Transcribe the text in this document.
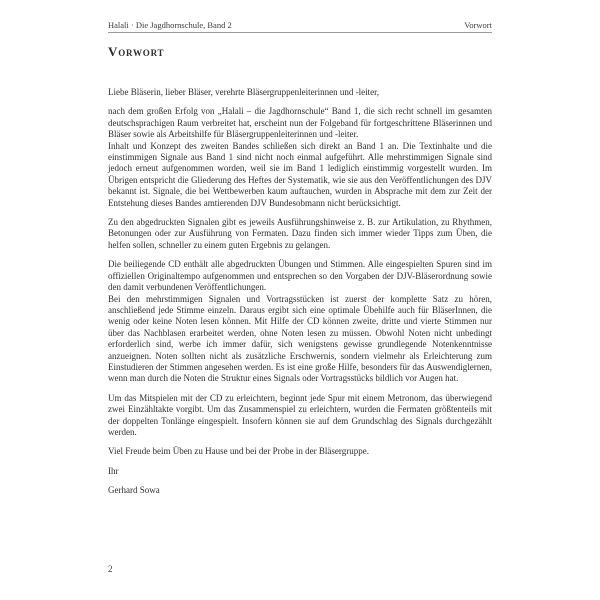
Halali · Die Jagdhornschule, Band 2	Vorwort
Vorwort

Liebe Bläserin, lieber Bläser, verehrte Bläsergruppenleiterinnen und -leiter,

nach dem großen Erfolg von „Halali – die Jagdhornschule“ Band 1, die sich recht schnell im gesamten deutschsprachigen Raum verbreitet hat, erscheint nun der Folgeband für fortgeschrittene Bläserinnen und Bläser sowie als Arbeitshilfe für Bläsergruppenleiterinnen und -leiter.

Inhalt und Konzept des zweiten Bandes schließen sich direkt an Band 1 an. Die Textinhalte und die einstimmigen Signale aus Band 1 sind nicht noch einmal aufgeführt. Alle mehrstimmigen Signale sind jedoch erneut aufgenommen worden, weil sie im Band 1 lediglich einstimmig vorgestellt wurden. Im Übrigen entspricht die Gliederung des Heftes der Systematik, wie sie aus den Veröffentlichungen des DJV bekannt ist. Signale, die bei Wettbewerben kaum auftauchen, wurden in Absprache mit dem zur Zeit der Entstehung dieses Bandes amtierenden DJV Bundesobmann nicht berücksichtigt.

Zu den abgedruckten Signalen gibt es jeweils Ausführungshinweise z. B. zur Artikulation, zu Rhythmen, Betonungen oder zur Ausführung von Fermaten. Dazu finden sich immer wieder Tipps zum Üben, die helfen sollen, schneller zu einem guten Ergebnis zu gelangen.

Die beiliegende CD enthält alle abgedruckten Übungen und Stimmen. Alle eingespielten Spuren sind im offiziellen Originaltempo aufgenommen und entsprechen so den Vorgaben der DJV-Bläserordnung sowie den damit verbundenen Veröffentlichungen.

Bei den mehrstimmigen Signalen und Vortragsstücken ist zuerst der komplette Satz zu hören, anschließend jede Stimme einzeln. Daraus ergibt sich eine optimale Übehilfe auch für BläserInnen, die wenig oder keine Noten lesen können. Mit Hilfe der CD können zweite, dritte und vierte Stimmen nur über das Nachblasen erarbeitet werden, ohne Noten lesen zu müssen. Obwohl Noten nicht unbedingt erforderlich sind, werbe ich immer dafür, sich wenigstens gewisse grundlegende Notenkenntnisse anzueignen. Noten sollten nicht als zusätzliche Erschwernis, sondern vielmehr als Erleichterung zum Einstudieren der Stimmen angesehen werden. Es ist eine große Hilfe, besonders für das Auswendiglernen, wenn man durch die Noten die Struktur eines Signals oder Vortragsstücks bildlich vor Augen hat.

Um das Mitspielen mit der CD zu erleichtern, beginnt jede Spur mit einem Metronom, das überwiegend zwei Einzähltakte vorgibt. Um das Zusammenspiel zu erleichtern, wurden die Fermaten größtenteils mit der doppelten Tonlänge eingespielt. Insofern können sie auf dem Grundschlag des Signals durchgezählt werden.

Viel Freude beim Üben zu Hause und bei der Probe in der Bläsergruppe.

Ihr

Gerhard Sowa

2
